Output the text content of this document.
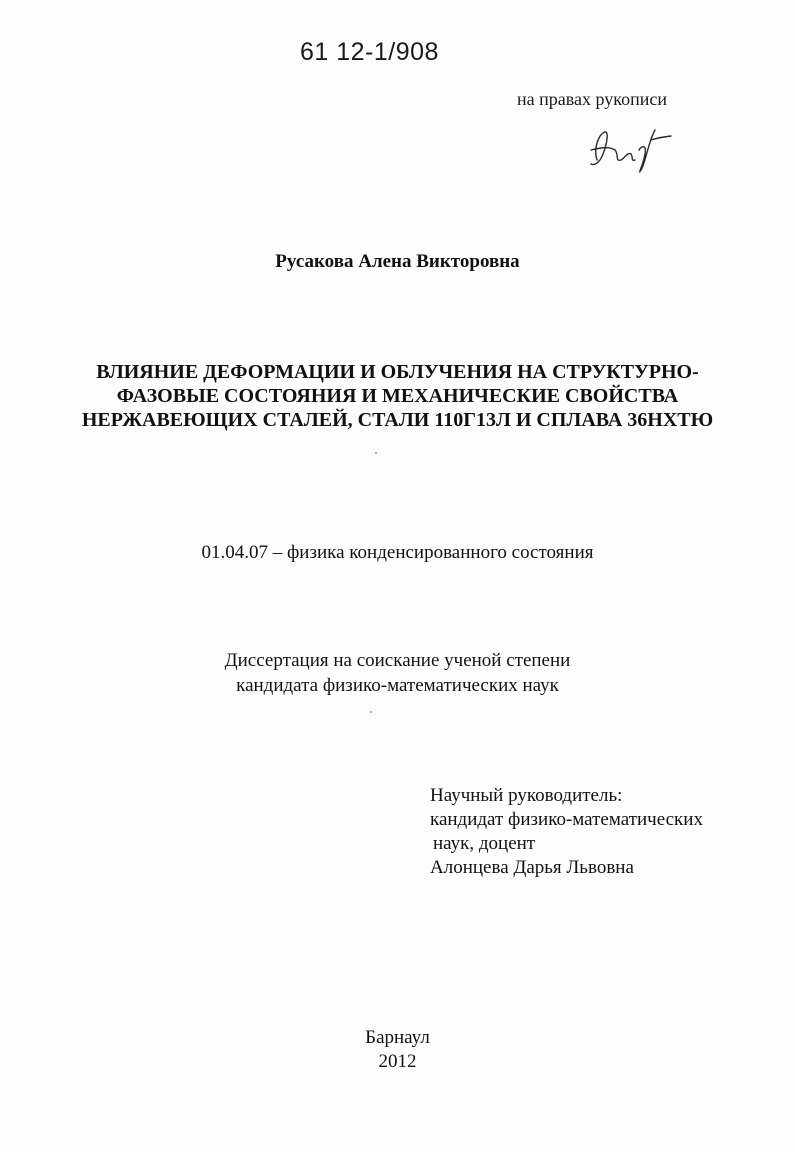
61 12-1/908
на правах рукописи
Русакова Алена Викторовна
ВЛИЯНИЕ ДЕФОРМАЦИИ И ОБЛУЧЕНИЯ НА СТРУКТУРНО-
ФАЗОВЫЕ СОСТОЯНИЯ И МЕХАНИЧЕСКИЕ СВОЙСТВА
НЕРЖАВЕЮЩИХ СТАЛЕЙ, СТАЛИ 110Г13Л И СПЛАВА 36НХТЮ
01.04.07 – физика конденсированного состояния
Диссертация на соискание ученой степени
кандидата физико-математических наук
Научный руководитель:
кандидат физико-математических
наук, доцент
Алонцева Дарья Львовна
Барнаул
2012
